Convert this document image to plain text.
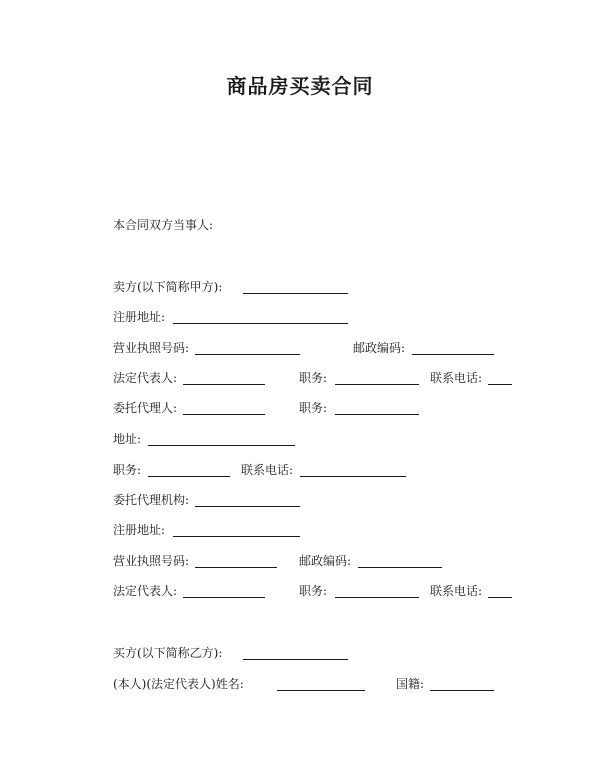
商品房买卖合同
本合同双方当事人:
卖方(以下简称甲方):
注册地址:
营业执照号码:	邮政编码:
法定代表人:	职务:	联系电话:
委托代理人:	职务:
地址:
职务:	联系电话:
委托代理机构:
注册地址:
营业执照号码:	邮政编码:
法定代表人:	职务:	联系电话:
买方(以下简称乙方):
(本人)(法定代表人)姓名:	国籍:
